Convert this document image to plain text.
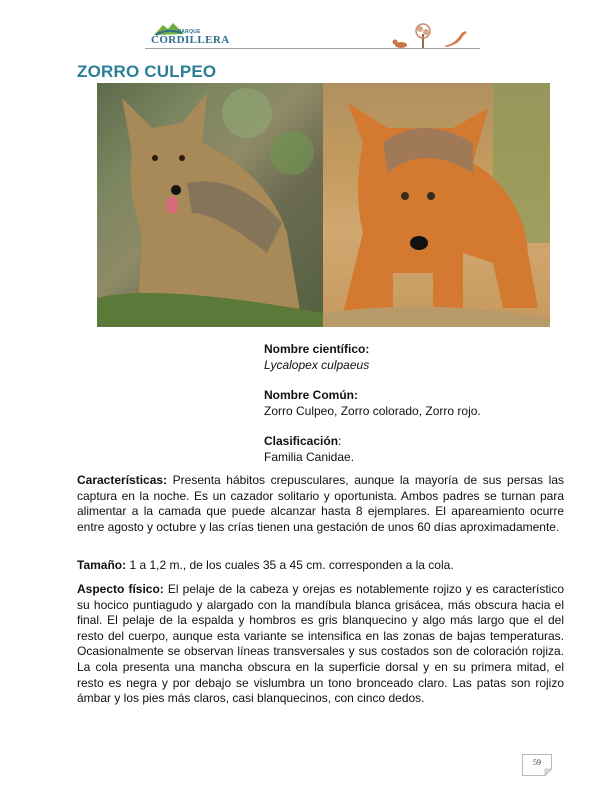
PARQUE
CORDILLERA
ZORRO CULPEO
Nombre científico:
Lycalopex culpaeus
Nombre Común:
Zorro Culpeo, Zorro colorado, Zorro rojo.
Clasificación:
Familia Canidae.
Características: Presenta hábitos crepusculares, aunque la mayoría de sus persas las captura en la noche. Es un cazador solitario y oportunista. Ambos padres se turnan para alimentar a la camada que puede alcanzar hasta 8 ejemplares. El apareamiento ocurre entre agosto y octubre y las crías tienen una gestación de unos 60 días aproximadamente.
Tamaño: 1 a 1,2 m., de los cuales 35 a 45 cm. corresponden a la cola.
Aspecto físico: El pelaje de la cabeza y orejas es notablemente rojizo y es característico su hocico puntiagudo y alargado con la mandíbula blanca grisácea, más obscura hacia el final. El pelaje de la espalda y hombros es gris blanquecino y algo más largo que el del resto del cuerpo, aunque esta variante se intensifica en las zonas de bajas temperaturas. Ocasionalmente se observan líneas transversales y sus costados son de coloración rojiza. La cola presenta una mancha obscura en la superficie dorsal y en su primera mitad, el resto es negra y por debajo se vislumbra un tono bronceado claro. Las patas son rojizo ámbar y los pies más claros, casi blanquecinos, con cinco dedos.
59
